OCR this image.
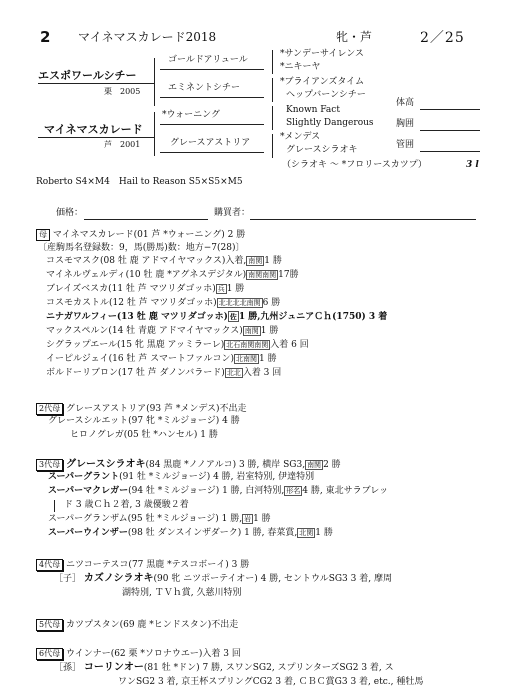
2 マイネマスカレード2018	牝・芦	2／25
エスポワールシチー
栗　2005
マイネマスカレード
芦　2001
ゴールドアリュール
エミネントシチー
*ウォーニング
グレースアストリア
*サンデーサイレンス
*ニキーヤ
*ブライアンズタイム
ヘップバーンシチー
Known Fact
Slightly Dangerous
*メンデス
グレースシラオキ
（シラオキ 〜 *フロリースカツプ）	3 l
体高
胸囲
管囲
Roberto S4×M4　Hail to Reason S5×S5×M5
価格：	購買者：
母 マイネマスカレード(01 芦 *ウォーニング) 2 勝
〔産駒馬名登録数：9，馬(勝馬)数：地方−7(28)〕
コスモマスク(08 牡 鹿 アドマイヤマックス)入着, 南関 1 勝
マイネルヴェルディ(10 牡 鹿 *アグネスデジタル) 南関南関 17勝
ブレイズベスカ(11 牡 芦 マツリダゴッホ) 兵 1 勝
コスモカストル(12 牡 芦 マツリダゴッホ) 北北北北南関 6 勝
ニナガワルフィー(13 牡 鹿 マツリダゴッホ) 佐 1 勝,九州ジュニアＣｈ(1750) 3 着
マックスペルン(14 牡 青鹿 アドマイヤマックス) 南関 1 勝
シグラップエール(15 牝 黒鹿 アッミラーレ) 北石南関南関 入着 6 回
イーピルジェイ(16 牡 芦 スマートファルコン) 北南関 1 勝
ボルドーリブロン(17 牡 芦 ダノンバラード) 北北 入着 3 回
2代母 グレースアストリア(93 芦 *メンデス)不出走
グレースシルエット(97 牝 *ミルジョージ) 4 勝
ヒロノグレガ(05 牡 *ハンセル) 1 勝
3代母 グレースシラオキ(84 黒鹿 *ノノアルコ) 3 勝, 横岸 SG3, 南関 2 勝
スーパーグラント(91 牡 *ミルジョージ) 4 勝, 岩室特別, 伊達特別
スーパーマクレガー(94 牡 *ミルジョージ) 1 勝, 白河特別, 形名 4 勝, 東北サラブレッ
ド 3 歳Ｃｈ２着, 3 歳優駿２着
スーパーグランザム(95 牡 *ミルジョージ) 1 勝, 岩 1 勝
スーパーウインザー(98 牡 ダンスインザダーク) 1 勝, 春菜賞, 北関 1 勝
4代母 ニツコーテスコ(77 黒鹿 *テスコボーイ) 3 勝
［子］ カズノシラオキ(90 牝 ニツポーテイオー) 4 勝, セントウルSG3 3 着, 摩周
湖特別, ＴＶｈ賞, 久慈川特別
5代母 カツプスタン(69 鹿 *ヒンドスタン)不出走
6代母 ウインナー(62 栗 *ソロナウエー)入着 3 回
［孫］ コーリンオー(81 牡 *ドン) 7 勝, スワンSG2, スプリンターズSG2 3 着, ス
ワンSG2 3 着, 京王杯スプリングCG2 3 着, ＣＢＣ賞G3 3 着, etc., 種牡馬
